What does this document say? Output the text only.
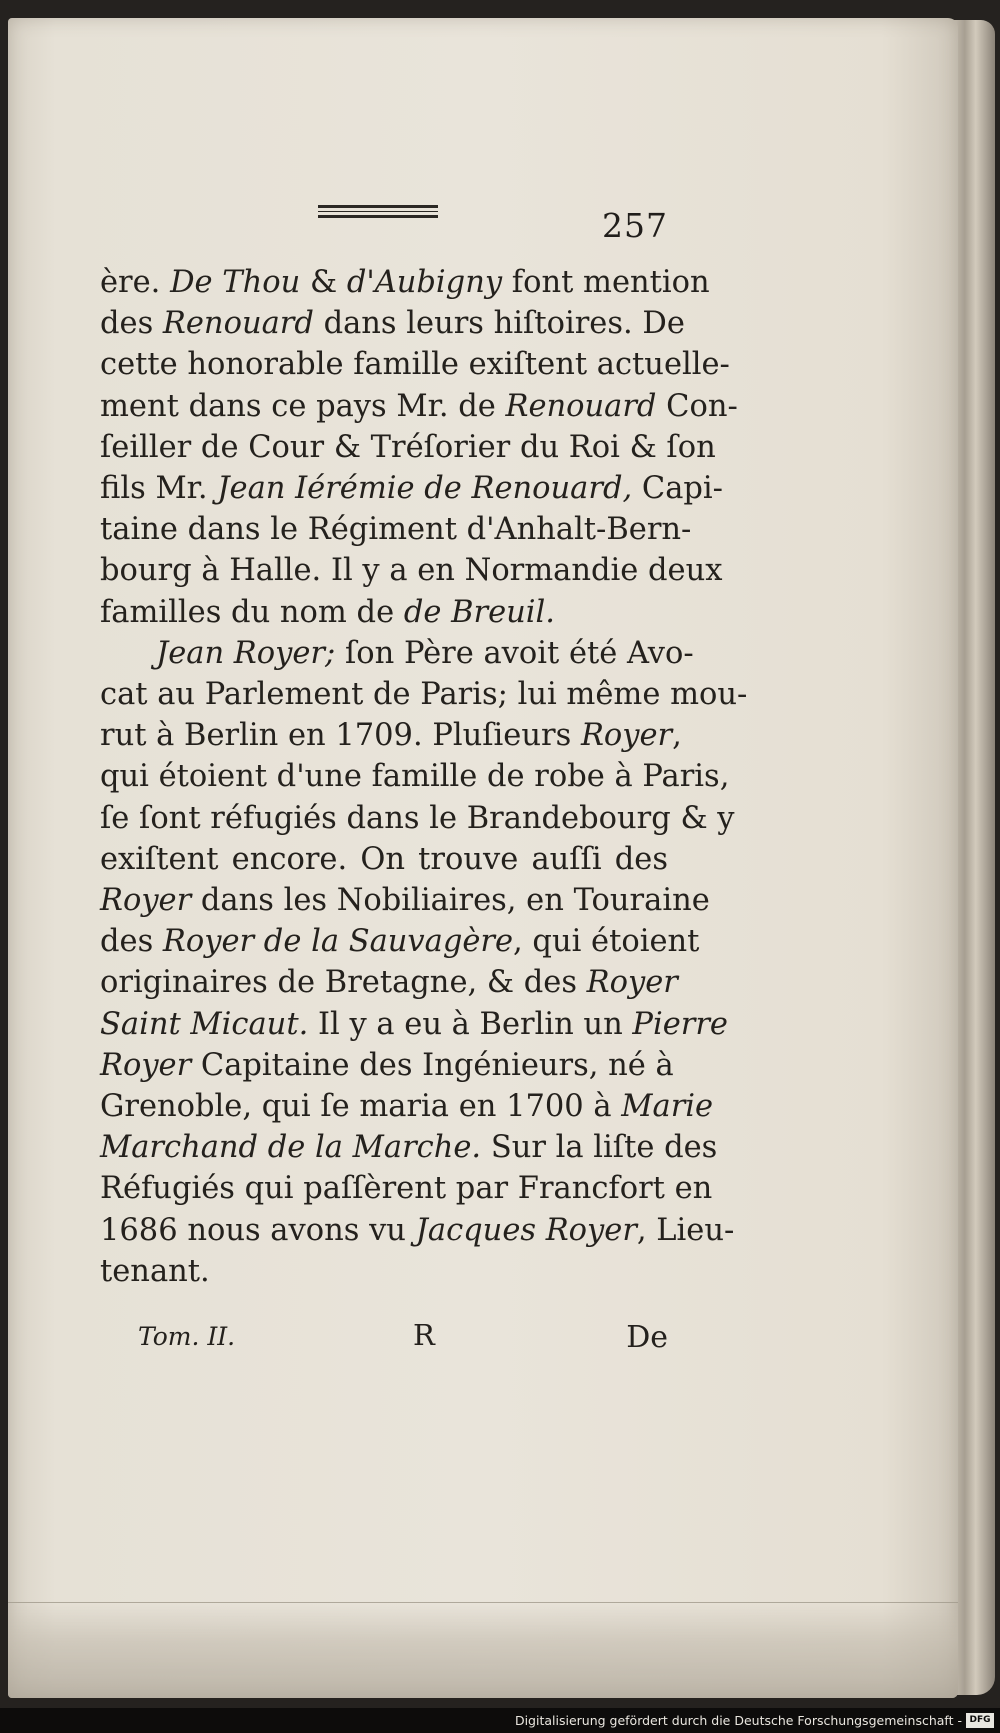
257
ère. De Thou & d'Aubigny font mention
des Renouard dans leurs hiſtoires. De
cette honorable famille exiſtent actuelle-
ment dans ce pays Mr. de Renouard Con-
ſeiller de Cour & Tréſorier du Roi & ſon
fils Mr. Jean Iérémie de Renouard, Capi-
taine dans le Régiment d'Anhalt-Bern-
bourg à Halle. Il y a en Normandie deux
familles du nom de de Breuil.
Jean Royer; ſon Père avoit été Avo-
cat au Parlement de Paris; lui même mou-
rut à Berlin en 1709. Pluſieurs Royer,
qui étoient d'une famille de robe à Paris,
ſe ſont réfugiés dans le Brandebourg & y
exiſtent encore. On trouve auſſi des
Royer dans les Nobiliaires, en Touraine
des Royer de la Sauvagère, qui étoient
originaires de Bretagne, & des Royer
Saint Micaut. Il y a eu à Berlin un Pierre
Royer Capitaine des Ingénieurs, né à
Grenoble, qui ſe maria en 1700 à Marie
Marchand de la Marche. Sur la liſte des
Réfugiés qui paſſèrent par Francfort en
1686 nous avons vu Jacques Royer, Lieu-
tenant.
Tom. II.	R	De
Digitalisierung gefördert durch die Deutsche Forschungsgemeinschaft - DFG
